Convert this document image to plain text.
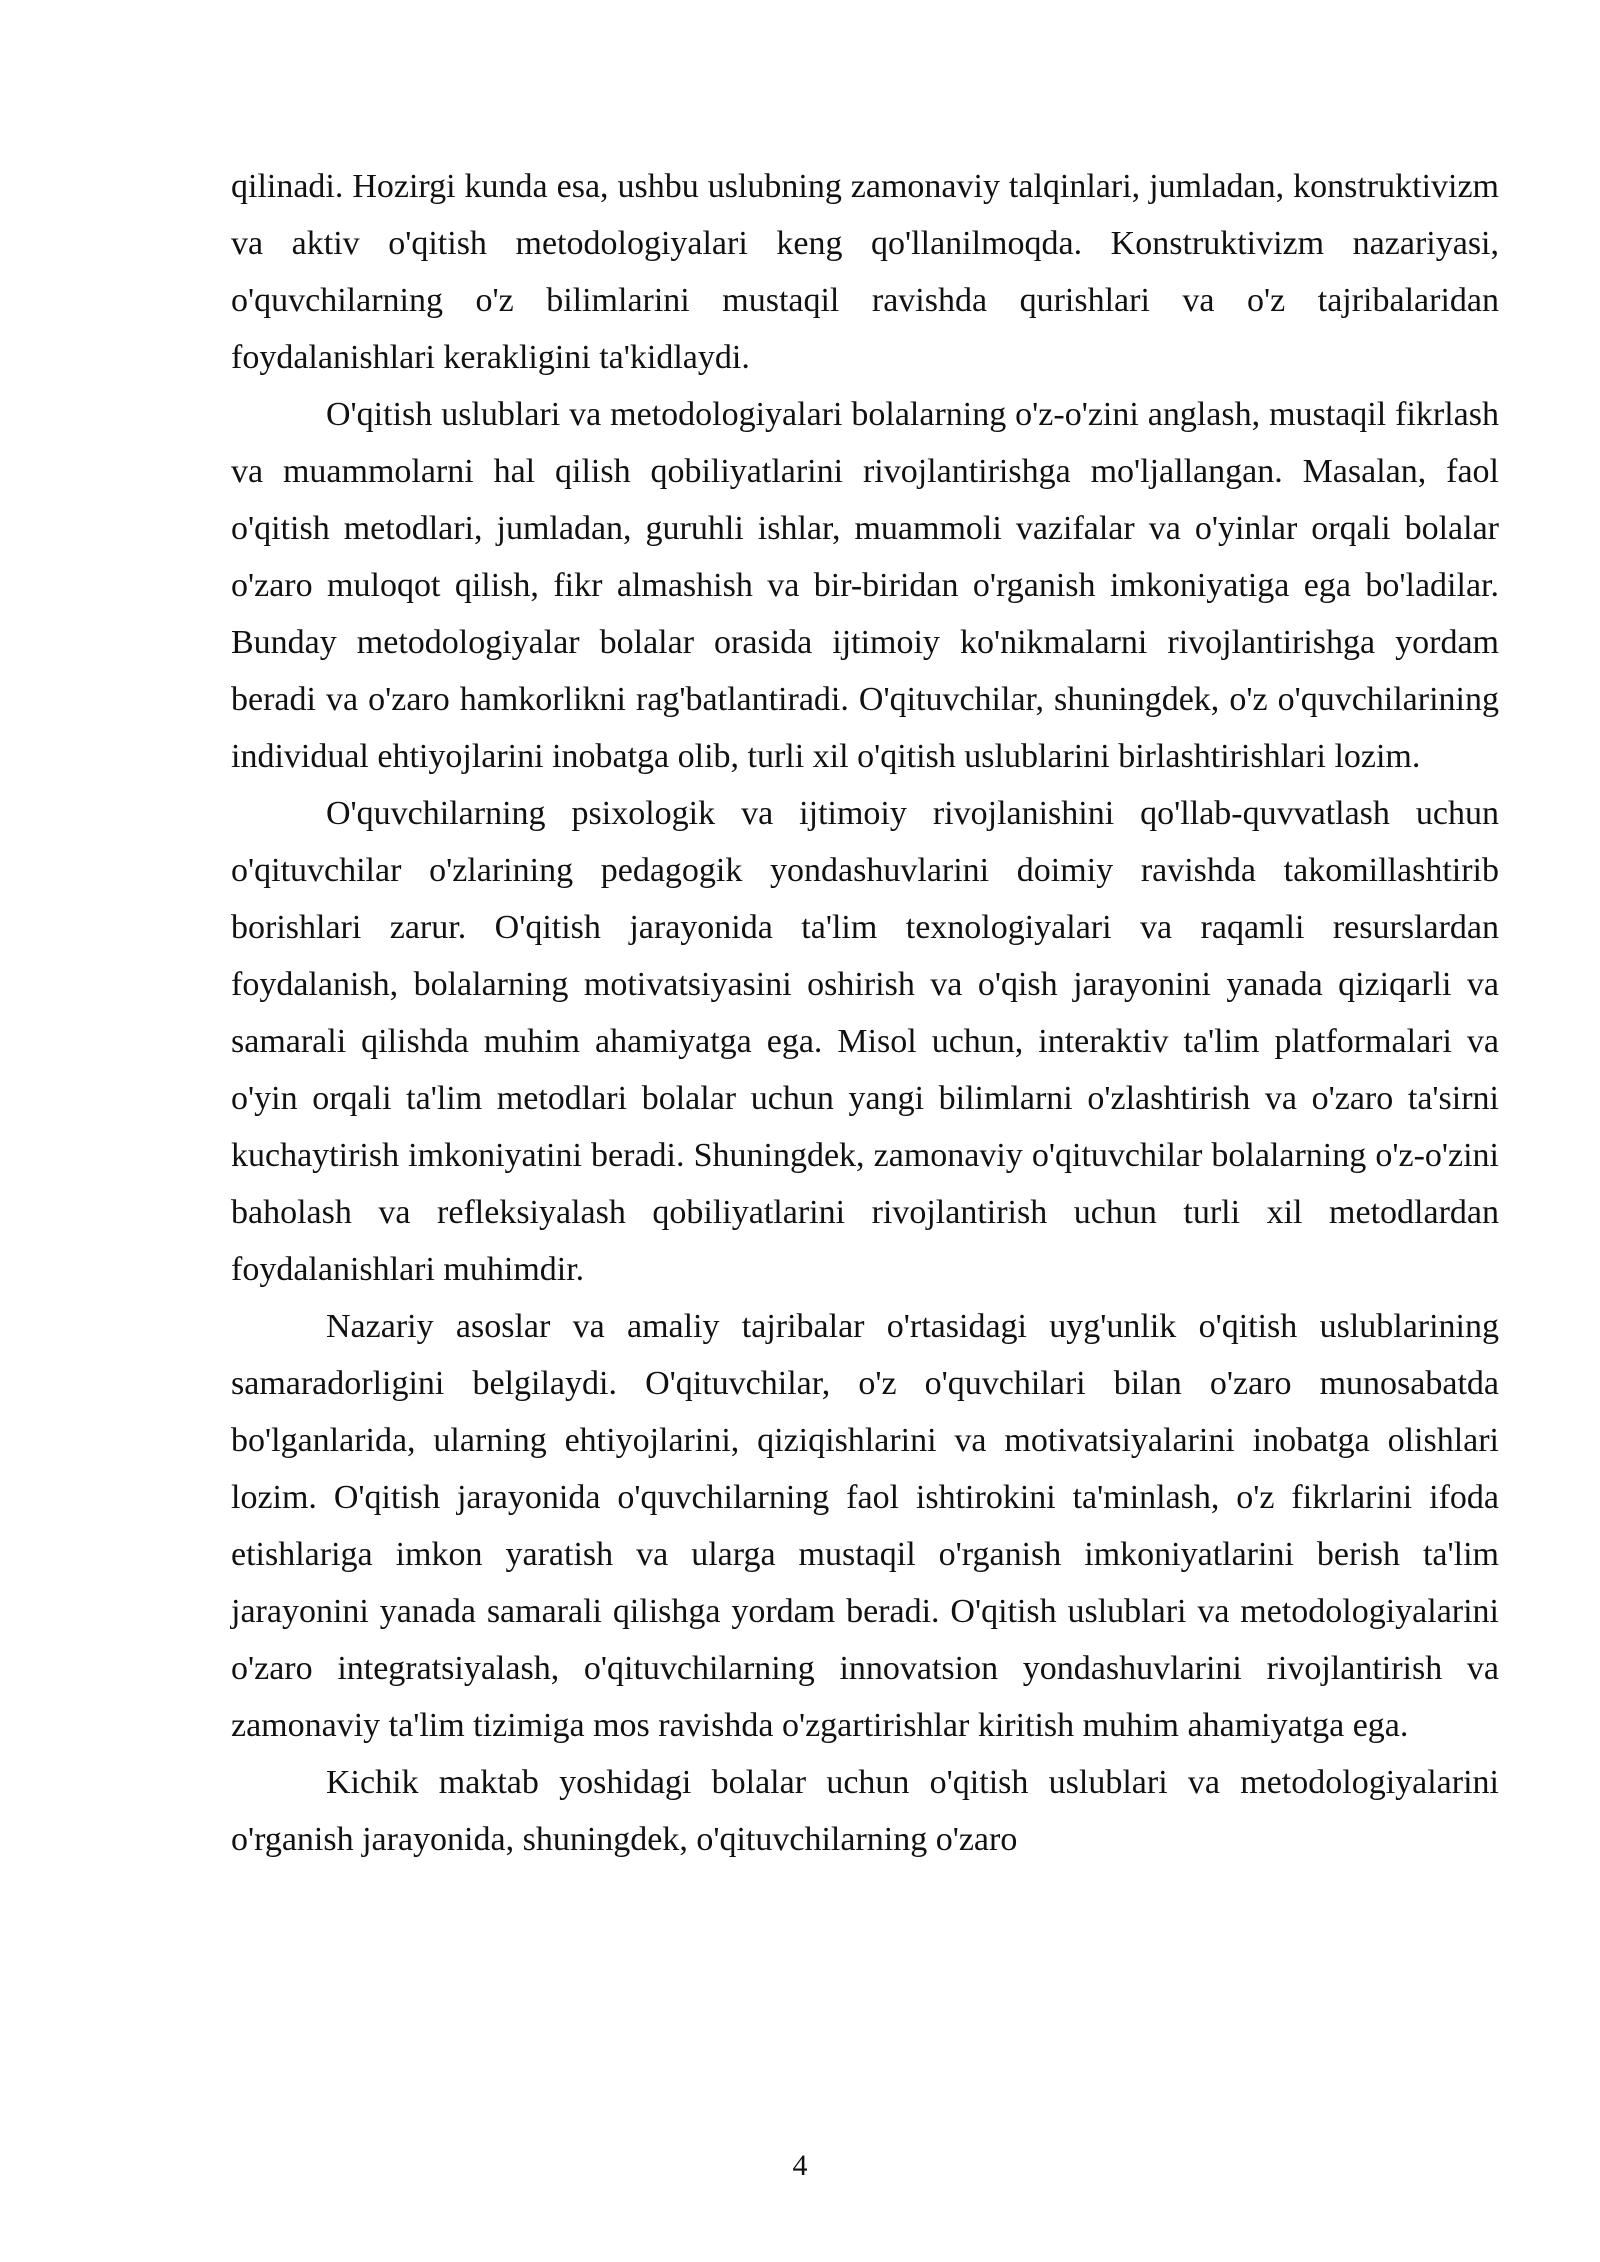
qilinadi. Hozirgi kunda esa, ushbu uslubning zamonaviy talqinlari, jumladan, konstruktivizm va aktiv o'qitish metodologiyalari keng qo'llanilmoqda. Konstruktivizm nazariyasi, o'quvchilarning o'z bilimlarini mustaqil ravishda qurishlari va o'z tajribalaridan foydalanishlari kerakligini ta'kidlaydi.

O'qitish uslublari va metodologiyalari bolalarning o'z-o'zini anglash, mustaqil fikrlash va muammolarni hal qilish qobiliyatlarini rivojlantirishga mo'ljallangan. Masalan, faol o'qitish metodlari, jumladan, guruhli ishlar, muammoli vazifalar va o'yinlar orqali bolalar o'zaro muloqot qilish, fikr almashish va bir-biridan o'rganish imkoniyatiga ega bo'ladilar. Bunday metodologiyalar bolalar orasida ijtimoiy ko'nikmalarni rivojlantirishga yordam beradi va o'zaro hamkorlikni rag'batlantiradi. O'qituvchilar, shuningdek, o'z o'quvchilarining individual ehtiyojlarini inobatga olib, turli xil o'qitish uslublarini birlashtirishlari lozim.

O'quvchilarning psixologik va ijtimoiy rivojlanishini qo'llab-quvvatlash uchun o'qituvchilar o'zlarining pedagogik yondashuvlarini doimiy ravishda takomillashtirib borishlari zarur. O'qitish jarayonida ta'lim texnologiyalari va raqamli resurslardan foydalanish, bolalarning motivatsiyasini oshirish va o'qish jarayonini yanada qiziqarli va samarali qilishda muhim ahamiyatga ega. Misol uchun, interaktiv ta'lim platformalari va o'yin orqali ta'lim metodlari bolalar uchun yangi bilimlarni o'zlashtirish va o'zaro ta'sirni kuchaytirish imkoniyatini beradi. Shuningdek, zamonaviy o'qituvchilar bolalarning o'z-o'zini baholash va refleksiyalash qobiliyatlarini rivojlantirish uchun turli xil metodlardan foydalanishlari muhimdir.

Nazariy asoslar va amaliy tajribalar o'rtasidagi uyg'unlik o'qitish uslublarining samaradorligini belgilaydi. O'qituvchilar, o'z o'quvchilari bilan o'zaro munosabatda bo'lganlarida, ularning ehtiyojlarini, qiziqishlarini va motivatsiyalarini inobatga olishlari lozim. O'qitish jarayonida o'quvchilarning faol ishtirokini ta'minlash, o'z fikrlarini ifoda etishlariga imkon yaratish va ularga mustaqil o'rganish imkoniyatlarini berish ta'lim jarayonini yanada samarali qilishga yordam beradi. O'qitish uslublari va metodologiyalarini o'zaro integratsiyalash, o'qituvchilarning innovatsion yondashuvlarini rivojlantirish va zamonaviy ta'lim tizimiga mos ravishda o'zgartirishlar kiritish muhim ahamiyatga ega.

Kichik maktab yoshidagi bolalar uchun o'qitish uslublari va metodologiyalarini o'rganish jarayonida, shuningdek, o'qituvchilarning o'zaro

4
